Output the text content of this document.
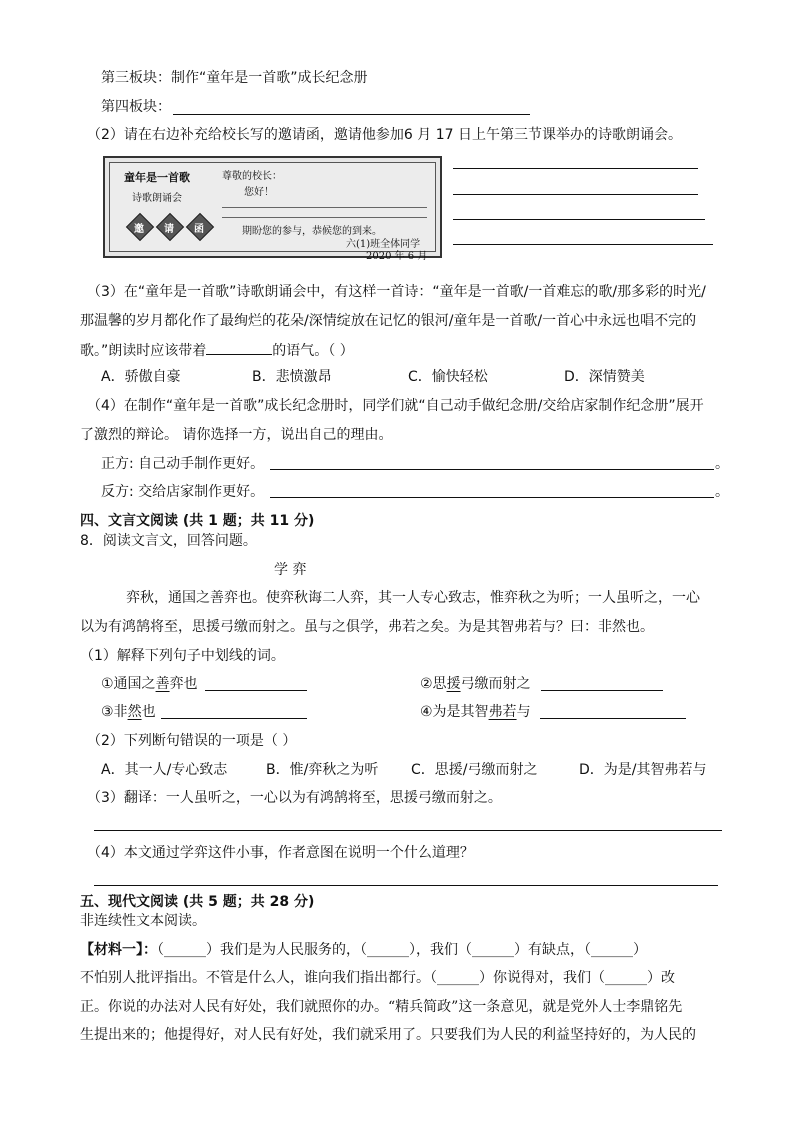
第三板块：制作“童年是一首歌”成长纪念册
第四板块：
（2）请在右边补充给校长写的邀请函，邀请他参加6 月 17 日上午第三节课举办的诗歌朗诵会。
童年是一首歌
诗歌朗诵会
邀	请	函
尊敬的校长：
您好！
期盼您的参与，恭候您的到来。
六(1)班全体同学
2020 年 6 月
（3）在“童年是一首歌”诗歌朗诵会中，有这样一首诗：“童年是一首歌/一首难忘的歌/那多彩的时光/
那温馨的岁月都化作了最绚烂的花朵/深情绽放在记忆的银河/童年是一首歌/一首心中永远也唱不完的
歌。”朗读时应该带着	的语气。（ ）
A．骄傲自豪	B．悲愤激昂	C．愉快轻松	D．深情赞美
（4）在制作“童年是一首歌”成长纪念册时，同学们就“自己动手做纪念册/交给店家制作纪念册”展开
了激烈的辩论。 请你选择一方，说出自己的理由。
正方: 自己动手制作更好。	。
反方: 交给店家制作更好。	。
四、文言文阅读 (共 1 题；共 11 分)
8．阅读文言文，回答问题。
学 弈
弈秋，通国之善弈也。使弈秋诲二人弈，其一人专心致志，惟弈秋之为听；一人虽听之，一心
以为有鸿鹄将至，思援弓缴而射之。虽与之俱学，弗若之矣。为是其智弗若与？曰：非然也。
（1）解释下列句子中划线的词。
①通国之善弈也	②思援弓缴而射之
③非然也	④为是其智弗若与
（2）下列断句错误的一项是（ ）
A．其一人/专心致志	B．惟/弈秋之为听 C．思援/弓缴而射之	D．为是/其智弗若与
（3）翻译：一人虽听之，一心以为有鸿鹄将至，思援弓缴而射之。
（4）本文通过学弈这件小事，作者意图在说明一个什么道理？
五、现代文阅读 (共 5 题；共 28 分)
非连续性文本阅读。
【材料一】：（______）我们是为人民服务的，（______），我们（______）有缺点，（______）
不怕别人批评指出。不管是什么人，谁向我们指出都行。（______）你说得对，我们（______）改
正。你说的办法对人民有好处，我们就照你的办。“精兵简政”这一条意见，就是党外人士李鼎铭先
生提出来的；他提得好，对人民有好处，我们就采用了。只要我们为人民的利益坚持好的，为人民的
